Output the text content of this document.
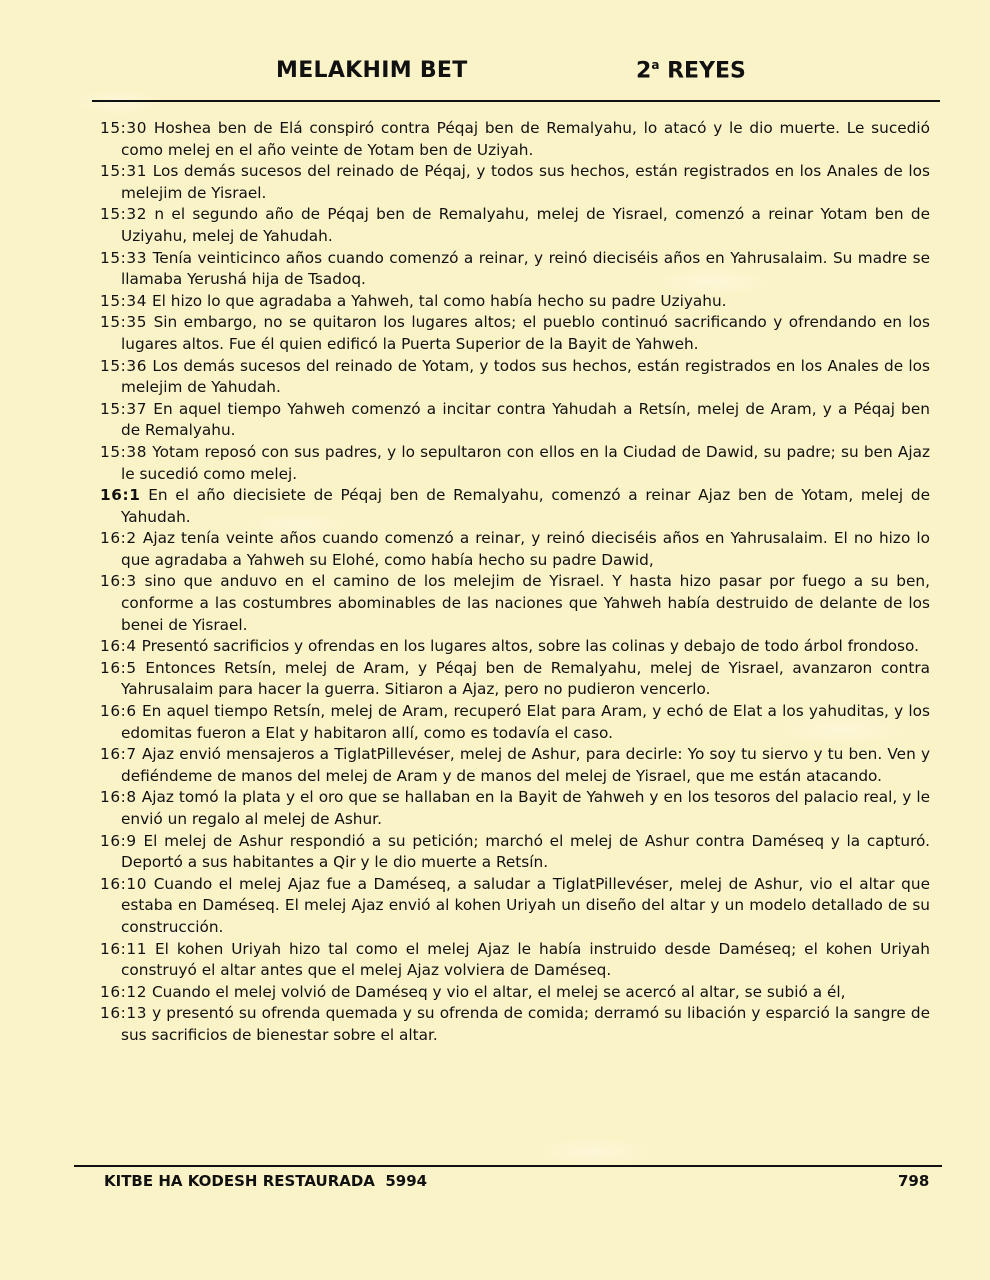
MELAKHIM BET	2$^a$ REYES

15:30 Hoshea ben de Elá conspiró contra Péqaj ben de Remalyahu, lo atacó y le dio muerte. Le sucedió como melej en el año veinte de Yotam ben de Uziyah.

15:31 Los demás sucesos del reinado de Péqaj, y todos sus hechos, están registrados en los Anales de los melejim de Yisrael.

15:32 n el segundo año de Péqaj ben de Remalyahu, melej de Yisrael, comenzó a reinar Yotam ben de Uziyahu, melej de Yahudah.

15:33 Tenía veinticinco años cuando comenzó a reinar, y reinó dieciséis años en Yahrusalaim. Su madre se llamaba Yerushá hija de Tsadoq.

15:34 El hizo lo que agradaba a Yahweh, tal como había hecho su padre Uziyahu.

15:35 Sin embargo, no se quitaron los lugares altos; el pueblo continuó sacrificando y ofrendando en los lugares altos. Fue él quien edificó la Puerta Superior de la Bayit de Yahweh.

15:36 Los demás sucesos del reinado de Yotam, y todos sus hechos, están registrados en los Anales de los melejim de Yahudah.

15:37 En aquel tiempo Yahweh comenzó a incitar contra Yahudah a Retsín, melej de Aram, y a Péqaj ben de Remalyahu.

15:38 Yotam reposó con sus padres, y lo sepultaron con ellos en la Ciudad de Dawid, su padre; su ben Ajaz le sucedió como melej.

16:1 En el año diecisiete de Péqaj ben de Remalyahu, comenzó a reinar Ajaz ben de Yotam, melej de Yahudah.

16:2 Ajaz tenía veinte años cuando comenzó a reinar, y reinó dieciséis años en Yahrusalaim. El no hizo lo que agradaba a Yahweh su Elohé, como había hecho su padre Dawid,

16:3 sino que anduvo en el camino de los melejim de Yisrael. Y hasta hizo pasar por fuego a su ben, conforme a las costumbres abominables de las naciones que Yahweh había destruido de delante de los benei de Yisrael.

16:4 Presentó sacrificios y ofrendas en los lugares altos, sobre las colinas y debajo de todo árbol frondoso.

16:5 Entonces Retsín, melej de Aram, y Péqaj ben de Remalyahu, melej de Yisrael, avanzaron contra Yahrusalaim para hacer la guerra. Sitiaron a Ajaz, pero no pudieron vencerlo.

16:6 En aquel tiempo Retsín, melej de Aram, recuperó Elat para Aram, y echó de Elat a los yahuditas, y los edomitas fueron a Elat y habitaron allí, como es todavía el caso.

16:7 Ajaz envió mensajeros a TiglatPillevéser, melej de Ashur, para decirle: Yo soy tu siervo y tu ben. Ven y defiéndeme de manos del melej de Aram y de manos del melej de Yisrael, que me están atacando.

16:8 Ajaz tomó la plata y el oro que se hallaban en la Bayit de Yahweh y en los tesoros del palacio real, y le envió un regalo al melej de Ashur.

16:9 El melej de Ashur respondió a su petición; marchó el melej de Ashur contra Daméseq y la capturó. Deportó a sus habitantes a Qir y le dio muerte a Retsín.

16:10 Cuando el melej Ajaz fue a Daméseq, a saludar a TiglatPillevéser, melej de Ashur, vio el altar que estaba en Daméseq. El melej Ajaz envió al kohen Uriyah un diseño del altar y un modelo detallado de su construcción.

16:11 El kohen Uriyah hizo tal como el melej Ajaz le había instruido desde Daméseq; el kohen Uriyah construyó el altar antes que el melej Ajaz volviera de Daméseq.

16:12 Cuando el melej volvió de Daméseq y vio el altar, el melej se acercó al altar, se subió a él,

16:13 y presentó su ofrenda quemada y su ofrenda de comida; derramó su libación y esparció la sangre de sus sacrificios de bienestar sobre el altar.

KITBE HA KODESH RESTAURADA  5994	798
